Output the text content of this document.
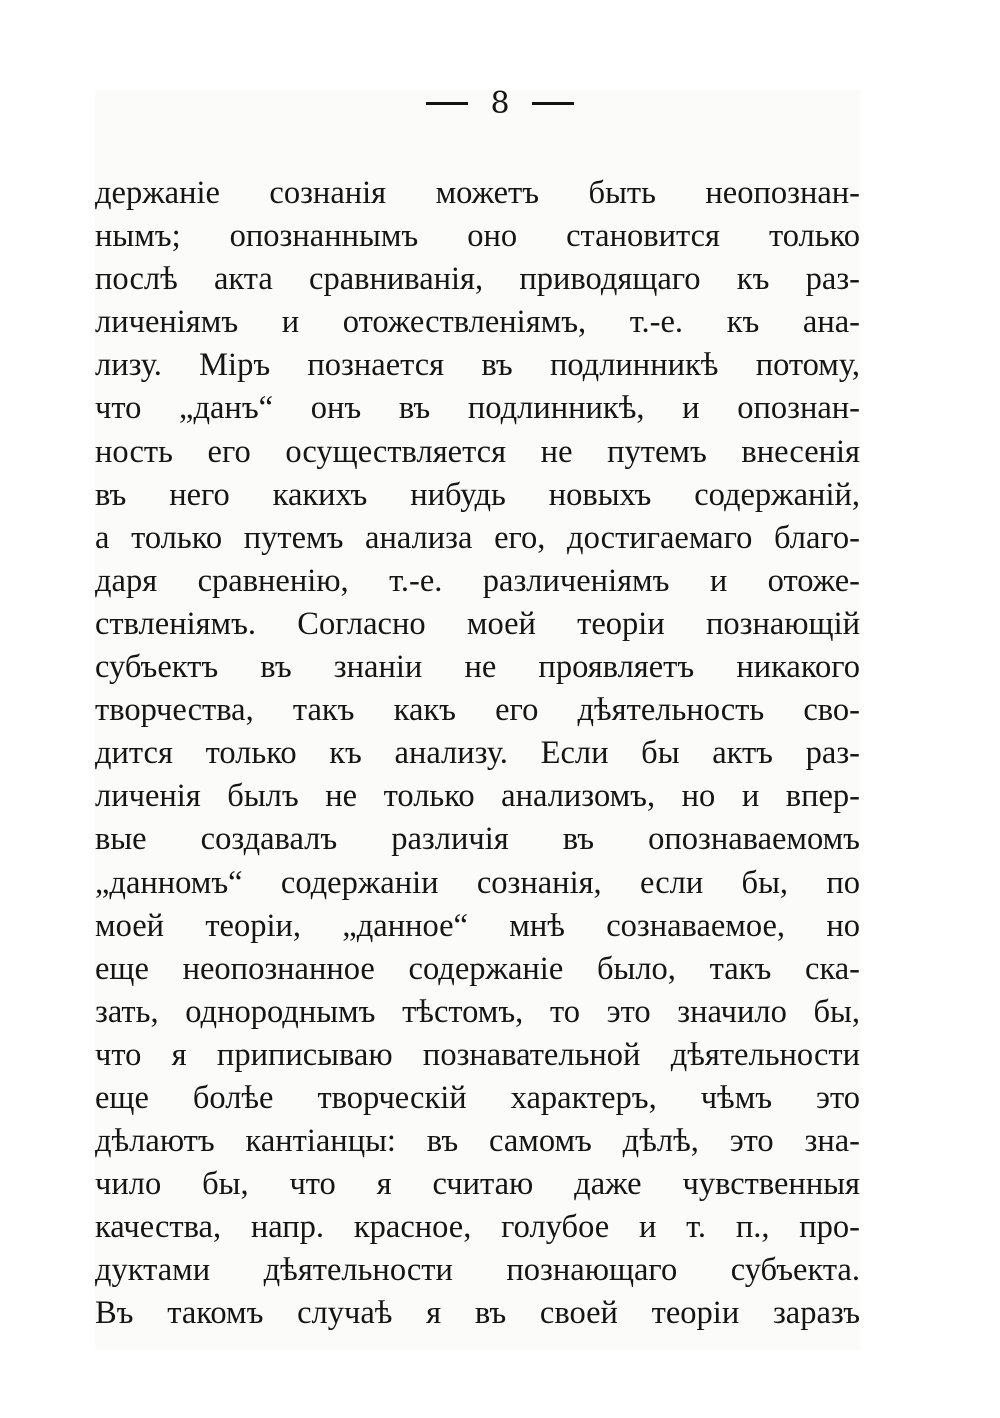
8
держаніе сознанія можетъ быть неопознан-
нымъ; опознаннымъ оно становится только
послѣ акта сравниванія, приводящаго къ раз-
личеніямъ и отожествленіямъ, т.-е. къ ана-
лизу. Міръ познается въ подлинникѣ потому,
что „данъ“ онъ въ подлинникѣ, и опознан-
ность его осуществляется не путемъ внесенія
въ него какихъ нибудь новыхъ содержаній,
а только путемъ анализа его, достигаемаго благо-
даря сравненію, т.-е. различеніямъ и отоже-
ствленіямъ. Согласно моей теоріи познающій
субъектъ въ знаніи не проявляетъ никакого
творчества, такъ какъ его дѣятельность сво-
дится только къ анализу. Если бы актъ раз-
личенія былъ не только анализомъ, но и впер-
вые создавалъ различія въ опознаваемомъ
„данномъ“ содержаніи сознанія, если бы, по
моей теоріи, „данное“ мнѣ сознаваемое, но
еще неопознанное содержаніе было, такъ ска-
зать, однороднымъ тѣстомъ, то это значило бы,
что я приписываю познавательной дѣятельности
еще болѣе творческій характеръ, чѣмъ это
дѣлаютъ кантіанцы: въ самомъ дѣлѣ, это зна-
чило бы, что я считаю даже чувственныя
качества, напр. красное, голубое и т. п., про-
дуктами дѣятельности познающаго субъекта.
Въ такомъ случаѣ я въ своей теоріи заразъ
